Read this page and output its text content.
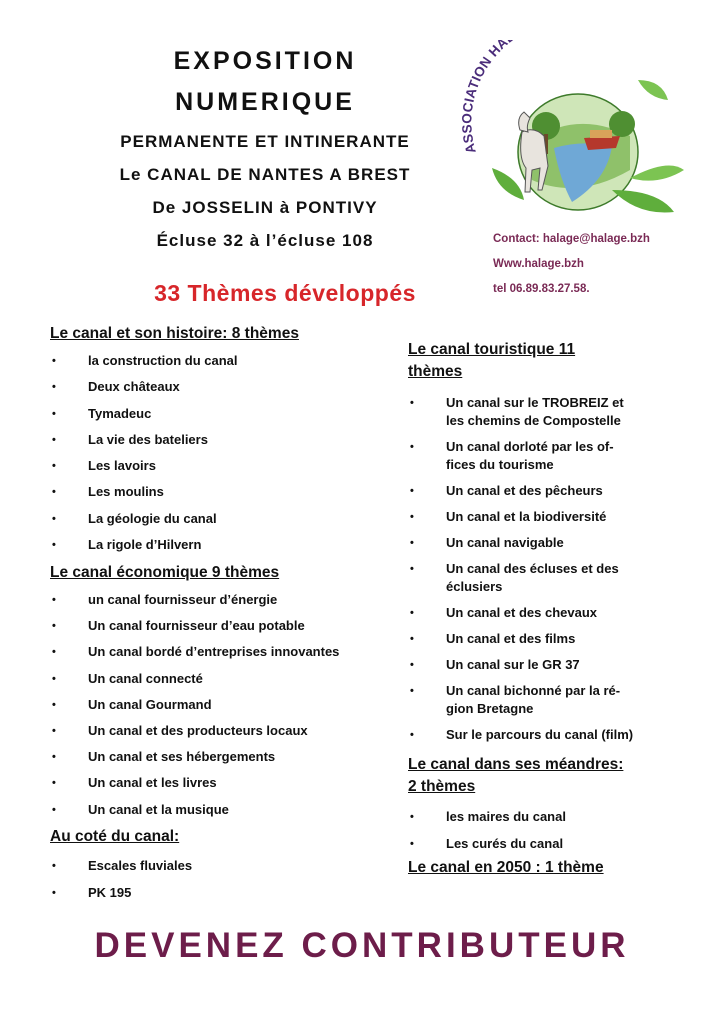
EXPOSITION
NUMERIQUE
PERMANENTE ET INTINERANTE
Le CANAL DE NANTES A BREST
De JOSSELIN à PONTIVY
Écluse 32 à l’écluse 108
33 Thèmes développés
A IATION HA
Contact: halage@halage.bzh
Www.halage.bzh
tel 06.89.83.27.58.
Le canal et son histoire: 8 thèmes
• la construction du canal
• Deux châteaux
• Tymadeuc
• La vie des bateliers
• Les lavoirs
• Les moulins
• La géologie du canal
• La rigole d’Hilvern
Le canal économique 9 thèmes
• un canal fournisseur d’énergie
• Un canal fournisseur d’eau potable
• Un canal bordé d’entreprises innovantes
• Un canal connecté
• Un canal Gourmand
• Un canal et des producteurs locaux
• Un canal et ses hébergements
• Un canal et les livres
• Un canal et la musique
Au coté du canal:
• Escales fluviales
• PK 195
Le canal touristique 11
thèmes
• Un canal sur le TROBREIZ et
les chemins de Compostelle
• Un canal dorloté par les of-
fices du tourisme
• Un canal et des pêcheurs
• Un canal et la biodiversité
• Un canal navigable
• Un canal des écluses et des
éclusiers
• Un canal et des chevaux
• Un canal et des films
• Un canal sur le GR 37
• Un canal bichonné par la ré-
gion Bretagne
• Sur le parcours du canal (film)
Le canal dans ses méandres:
2 thèmes
• les maires du canal
• Les curés du canal
Le canal en 2050 : 1 thème
DEVENEZ CONTRIBUTEUR
